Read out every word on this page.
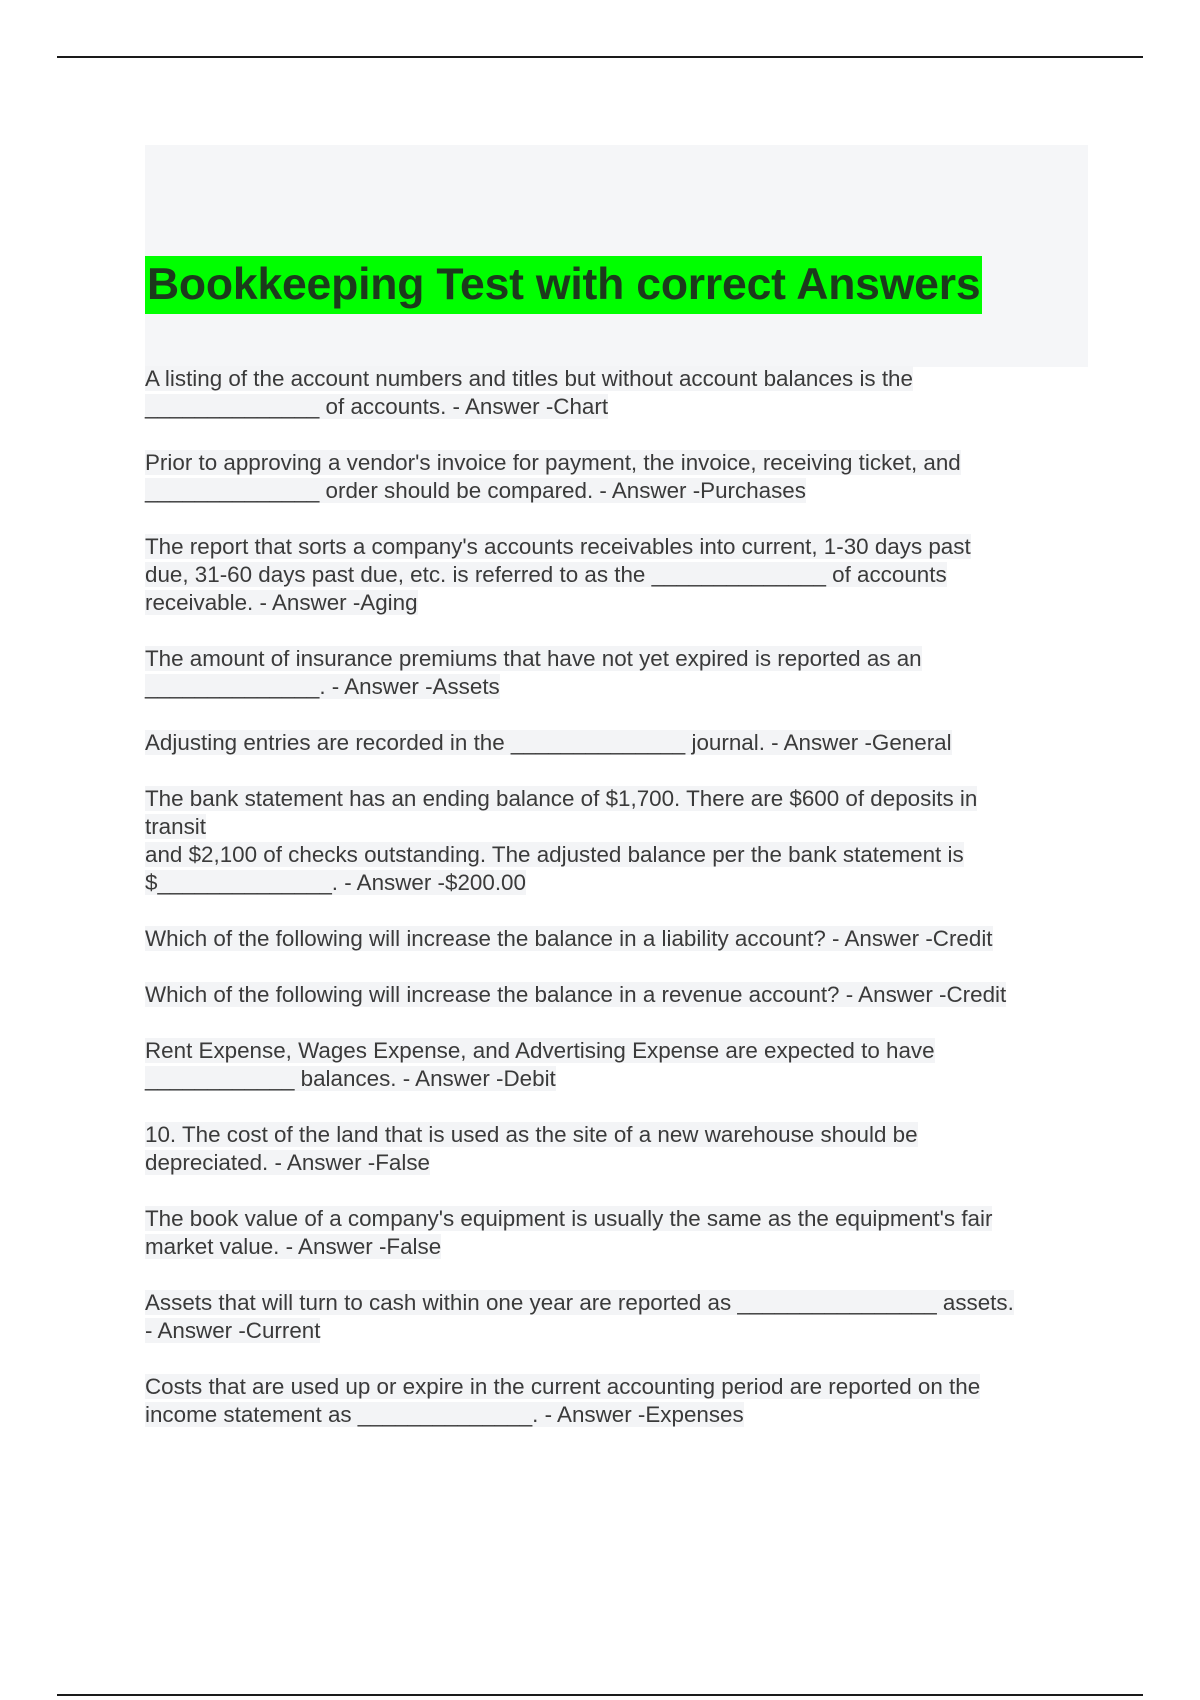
Bookkeeping Test with correct Answers

A listing of the account numbers and titles but without account balances is the
______________ of accounts. - Answer -Chart

Prior to approving a vendor's invoice for payment, the invoice, receiving ticket, and
______________ order should be compared. - Answer -Purchases

The report that sorts a company's accounts receivables into current, 1-30 days past
due, 31-60 days past due, etc. is referred to as the ______________ of accounts
receivable. - Answer -Aging

The amount of insurance premiums that have not yet expired is reported as an
______________. - Answer -Assets

Adjusting entries are recorded in the ______________ journal. - Answer -General

The bank statement has an ending balance of $1,700. There are $600 of deposits in
transit
and $2,100 of checks outstanding. The adjusted balance per the bank statement is
$______________. - Answer -$200.00

Which of the following will increase the balance in a liability account? - Answer -Credit

Which of the following will increase the balance in a revenue account? - Answer -Credit

Rent Expense, Wages Expense, and Advertising Expense are expected to have
____________ balances. - Answer -Debit

10. The cost of the land that is used as the site of a new warehouse should be
depreciated. - Answer -False

The book value of a company's equipment is usually the same as the equipment's fair
market value. - Answer -False

Assets that will turn to cash within one year are reported as ________________ assets.
- Answer -Current

Costs that are used up or expire in the current accounting period are reported on the
income statement as ______________. - Answer -Expenses
